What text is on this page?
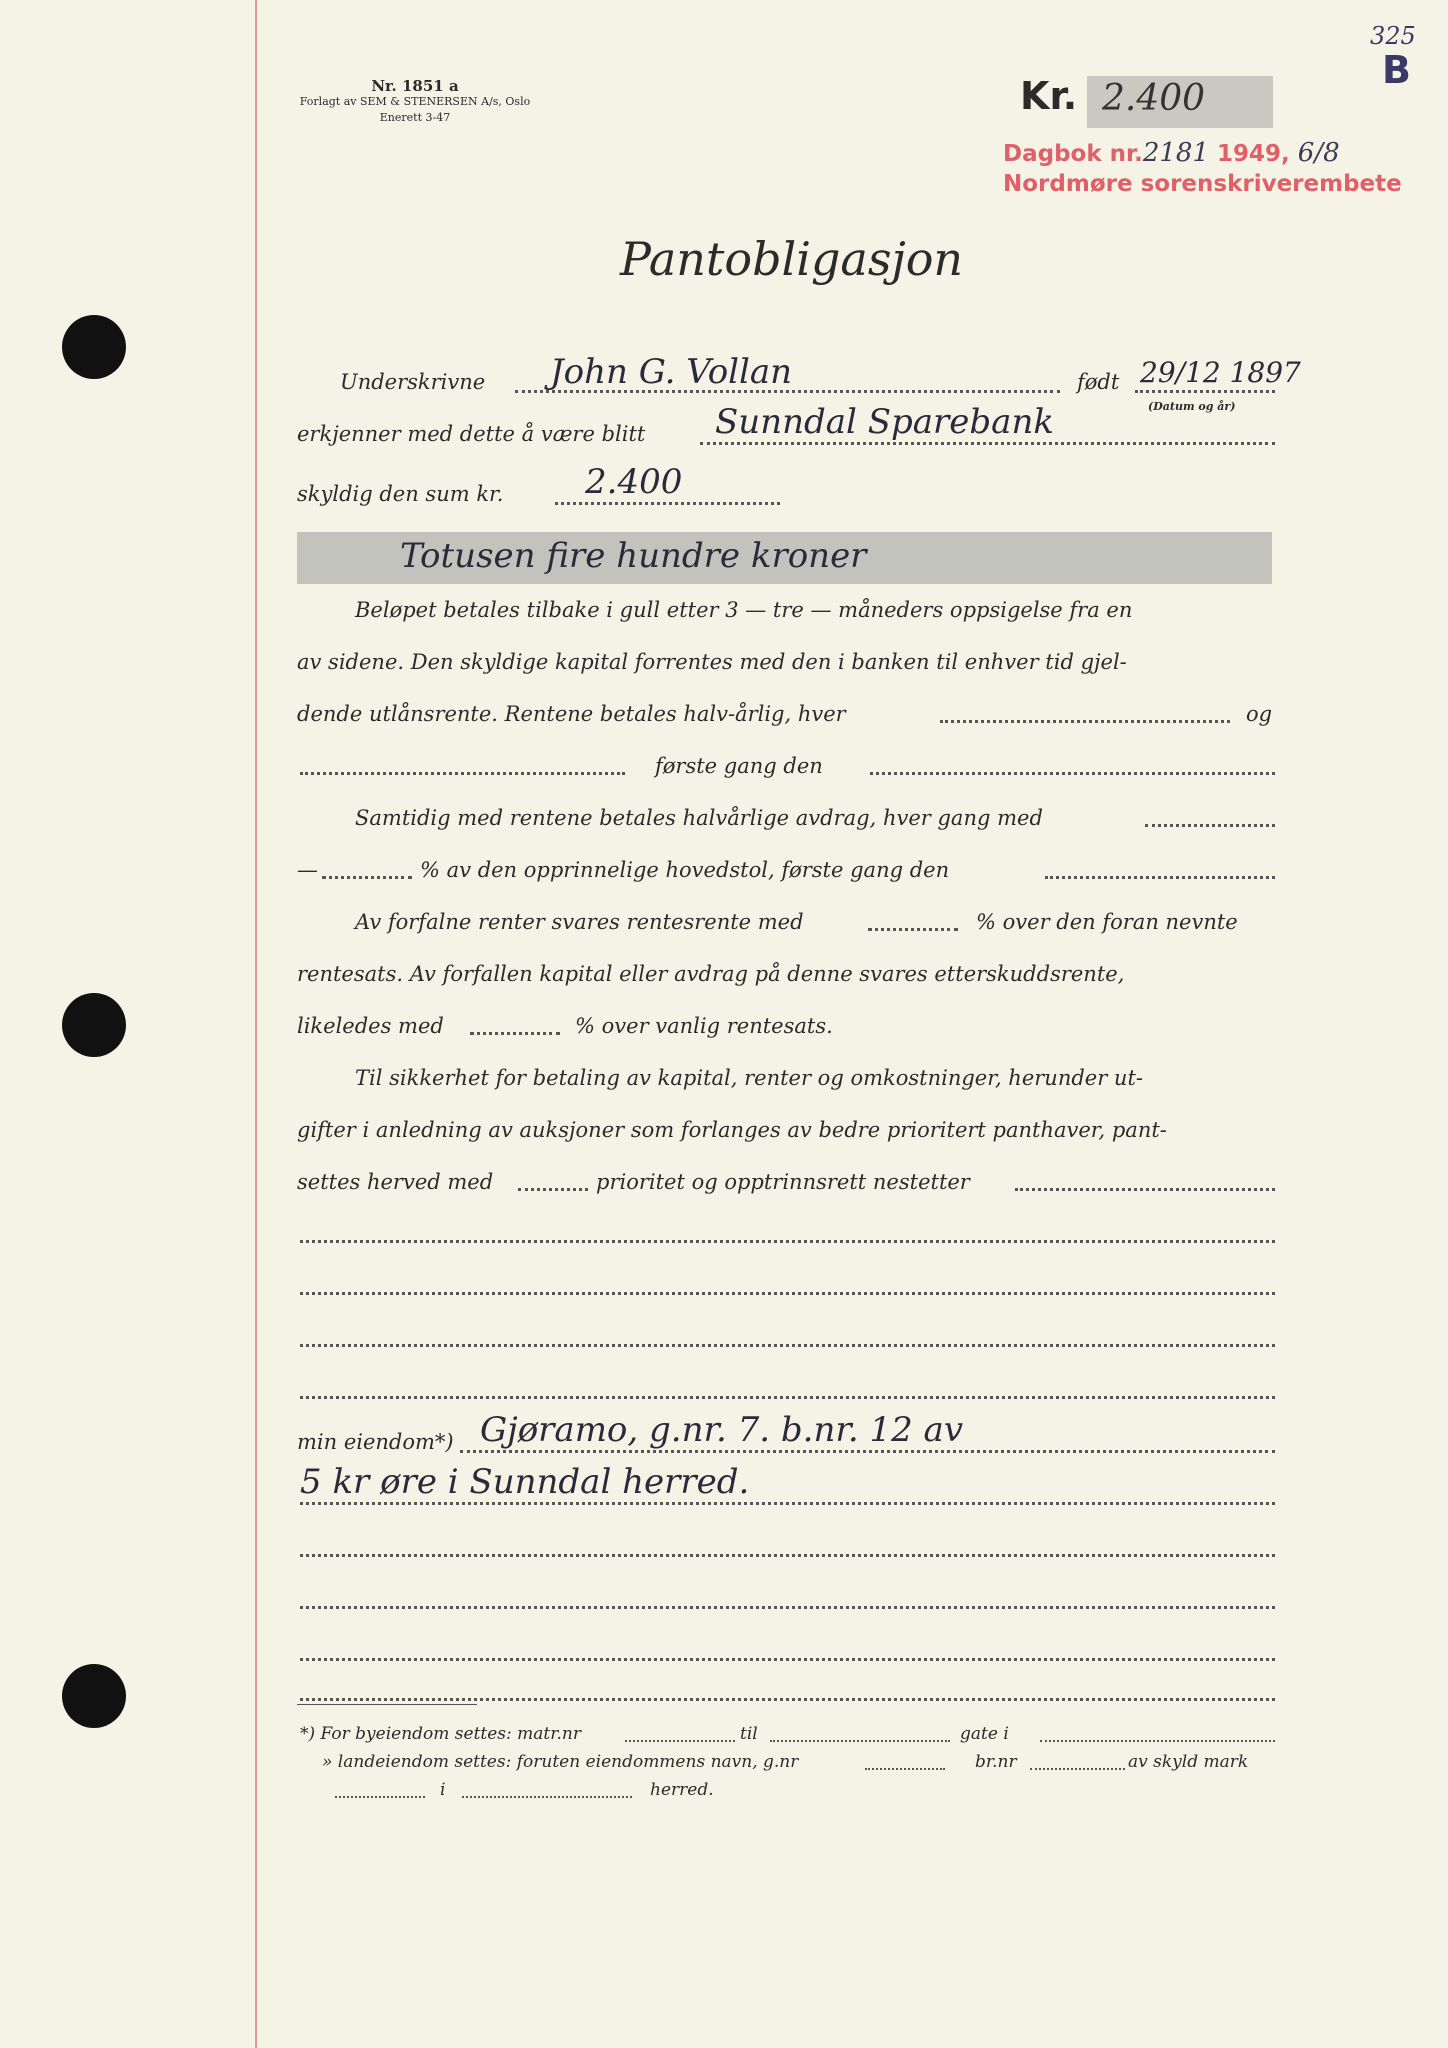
Nr. 1851 a
Forlagt av SEM & STENERSEN A/s, Oslo
Enerett 3-47	Kr. 2.400
325
B
Dagbok nr.2181 1949, 6/8
Nordmøre sorenskriverembete
Pantobligasjon
Underskrivne John G. Vollan	født 29/12 1897
(Datum og år)
erkjenner med dette å være blitt Sunndal Sparebank
skyldig den sum kr. 2.400
Totusen fire hundre kroner
Beløpet betales tilbake i gull etter 3 — tre — måneders oppsigelse fra en
av sidene. Den skyldige kapital forrentes med den i banken til enhver tid gjel-
dende utlånsrente. Rentene betales halv-årlig, hver	og
første gang den
Samtidig med rentene betales halvårlige avdrag, hver gang med
—	% av den opprinnelige hovedstol, første gang den
Av forfalne renter svares rentesrente med	% over den foran nevnte
rentesats. Av forfallen kapital eller avdrag på denne svares etterskuddsrente,
likeledes med	% over vanlig rentesats.
Til sikkerhet for betaling av kapital, renter og omkostninger, herunder ut-
gifter i anledning av auksjoner som forlanges av bedre prioritert panthaver, pant-
settes herved med	prioritet og opptrinnsrett nestetter
min eiendom*) Gjøramo, g.nr. 7. b.nr. 12 av
5 kr øre i Sunndal herred.
*) For byeiendom settes: matr.nr	til	gate i
» landeiendom settes: foruten eiendommens navn, g.nr	br.nr	av skyld mark
i	herred.
